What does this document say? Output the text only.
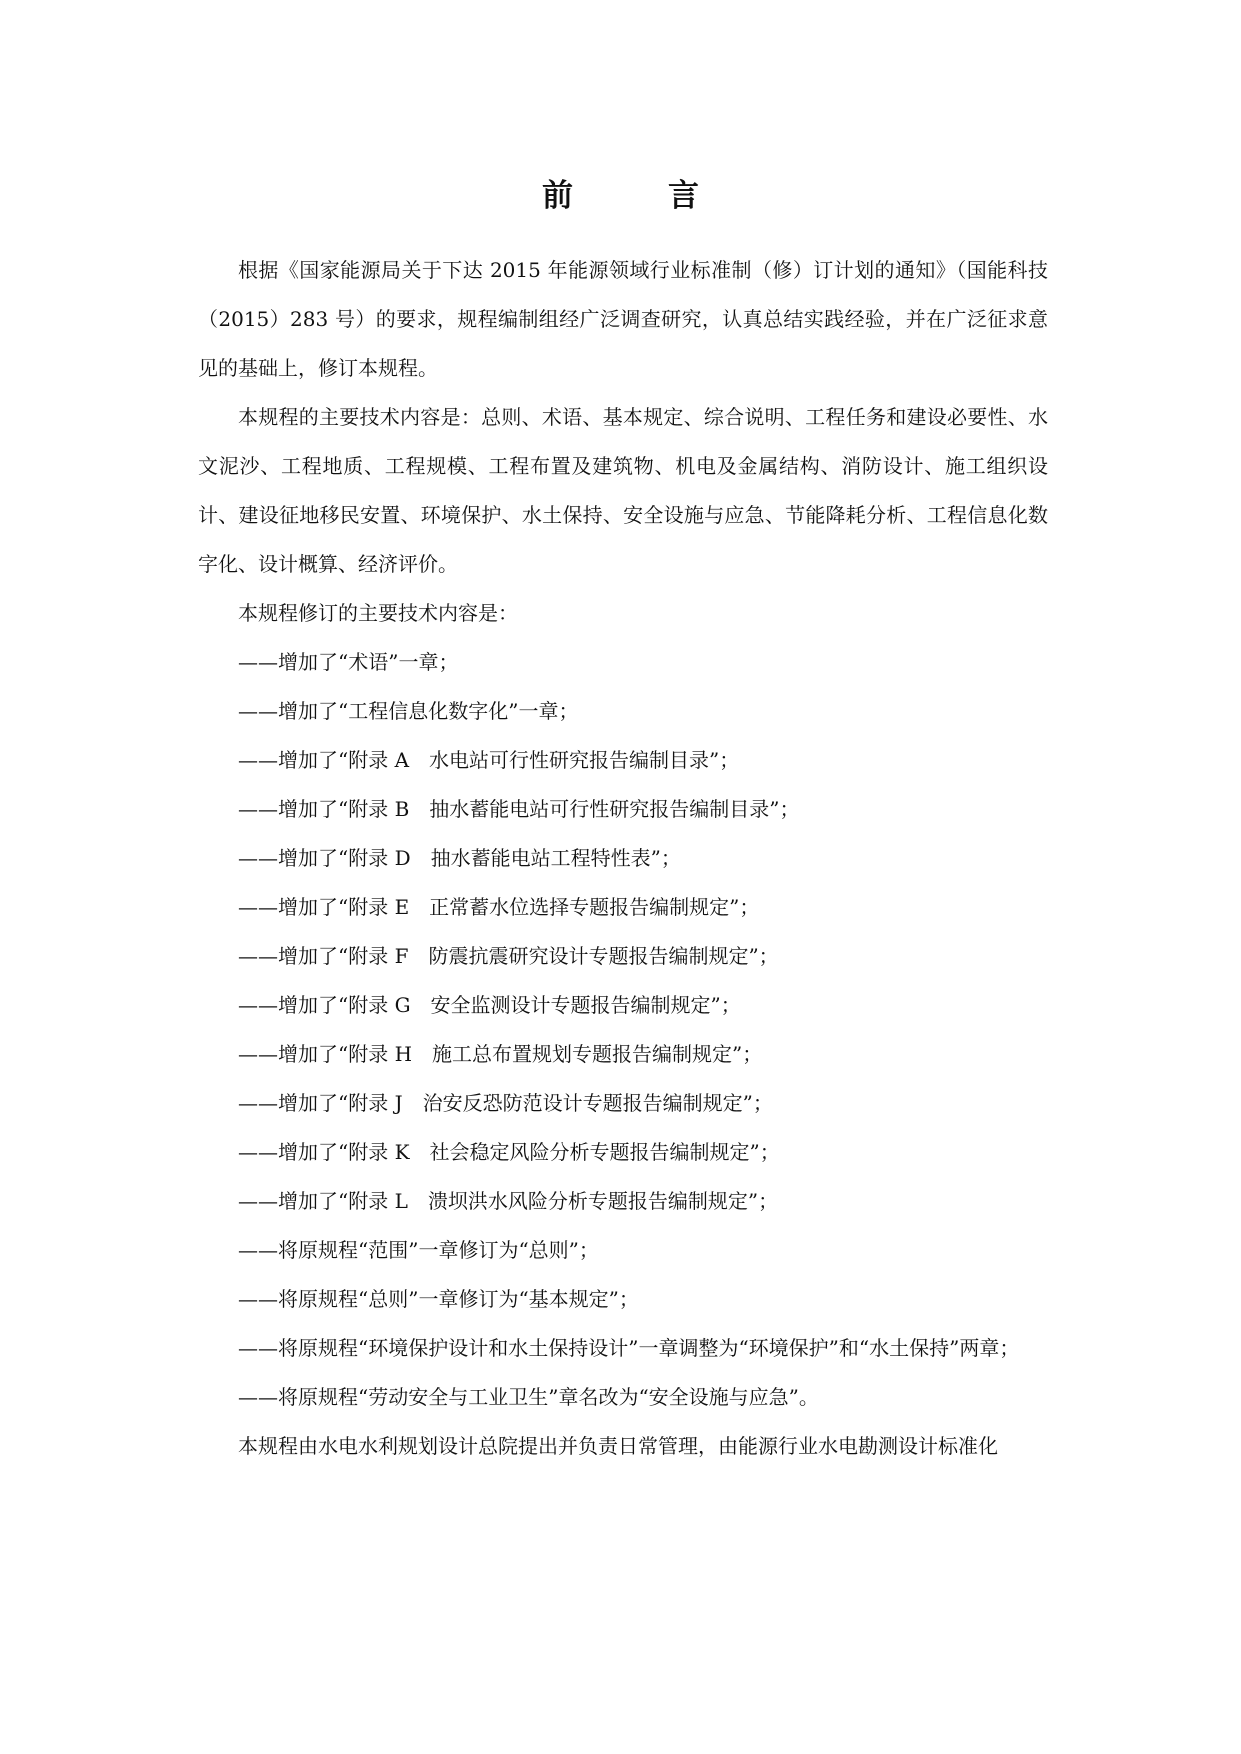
前　言

根据《国家能源局关于下达 2015 年能源领域行业标准制（修）订计划的通知》（国能科技（2015）283 号）的要求，规程编制组经广泛调查研究，认真总结实践经验，并在广泛征求意见的基础上，修订本规程。

本规程的主要技术内容是：总则、术语、基本规定、综合说明、工程任务和建设必要性、水文泥沙、工程地质、工程规模、工程布置及建筑物、机电及金属结构、消防设计、施工组织设计、建设征地移民安置、环境保护、水土保持、安全设施与应急、节能降耗分析、工程信息化数字化、设计概算、经济评价。

本规程修订的主要技术内容是：

——增加了“术语”一章；

——增加了“工程信息化数字化”一章；

——增加了“附录 A　水电站可行性研究报告编制目录”；

——增加了“附录 B　抽水蓄能电站可行性研究报告编制目录”；

——增加了“附录 D　抽水蓄能电站工程特性表”；

——增加了“附录 E　正常蓄水位选择专题报告编制规定”；

——增加了“附录 F　防震抗震研究设计专题报告编制规定”；

——增加了“附录 G　安全监测设计专题报告编制规定”；

——增加了“附录 H　施工总布置规划专题报告编制规定”；

——增加了“附录 J　治安反恐防范设计专题报告编制规定”；

——增加了“附录 K　社会稳定风险分析专题报告编制规定”；

——增加了“附录 L　溃坝洪水风险分析专题报告编制规定”；

——将原规程“范围”一章修订为“总则”；

——将原规程“总则”一章修订为“基本规定”；

——将原规程“环境保护设计和水土保持设计”一章调整为“环境保护”和“水土保持”两章；

——将原规程“劳动安全与工业卫生”章名改为“安全设施与应急”。

本规程由水电水利规划设计总院提出并负责日常管理，由能源行业水电勘测设计标准化
